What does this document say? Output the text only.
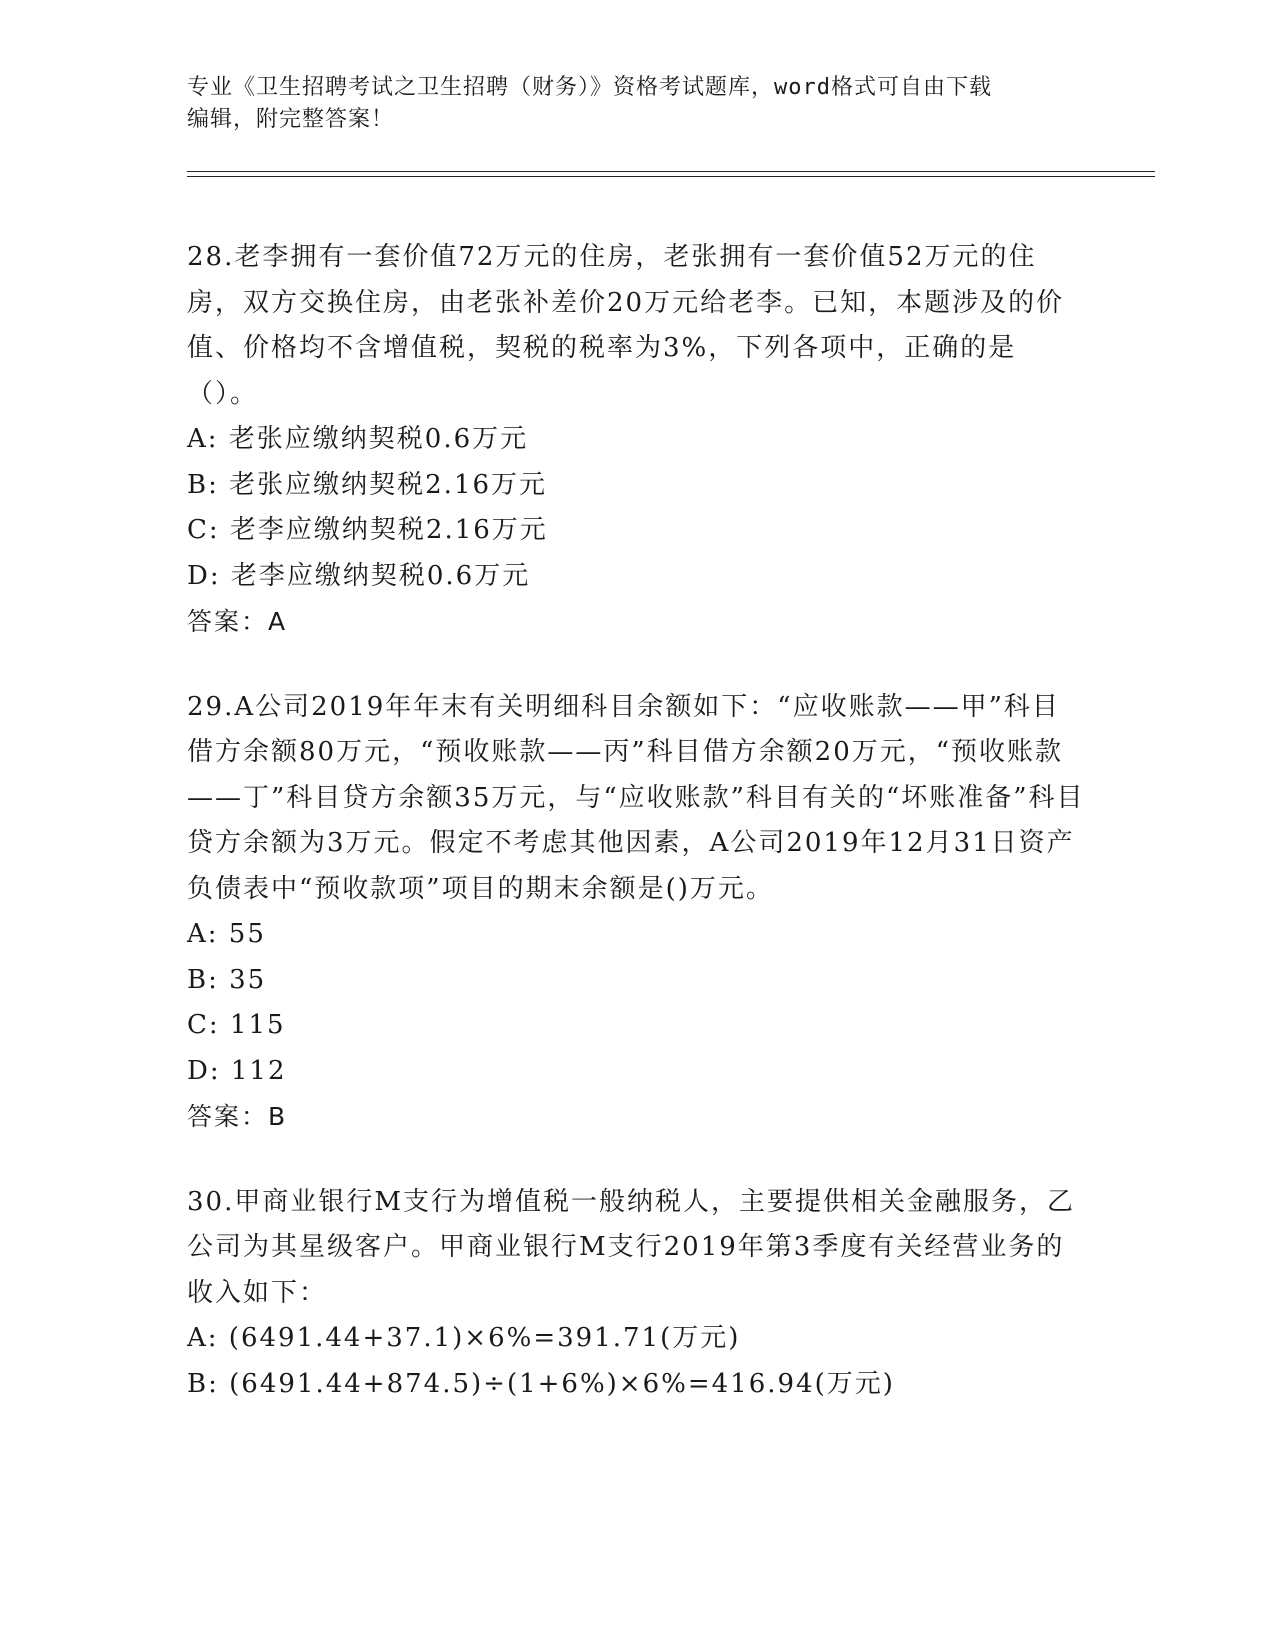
专业《卫生招聘考试之卫生招聘（财务）》资格考试题库，word格式可自由下载
编辑，附完整答案！
28.老李拥有一套价值72万元的住房，老张拥有一套价值52万元的住房，双方交换住房，由老张补差价20万元给老李。已知，本题涉及的价值、价格均不含增值税，契税的税率为3%，下列各项中，正确的是（）。
A: 老张应缴纳契税0.6万元
B: 老张应缴纳契税2.16万元
C: 老李应缴纳契税2.16万元
D: 老李应缴纳契税0.6万元
答案：A
29.A公司2019年年末有关明细科目余额如下：“应收账款——甲”科目借方余额80万元，“预收账款——丙”科目借方余额20万元，“预收账款——丁”科目贷方余额35万元，与“应收账款”科目有关的“坏账准备”科目贷方余额为3万元。假定不考虑其他因素，A公司2019年12月31日资产负债表中“预收款项”项目的期末余额是()万元。
A: 55
B: 35
C: 115
D: 112
答案：B
30.甲商业银行M支行为增值税一般纳税人，主要提供相关金融服务，乙公司为其星级客户。甲商业银行M支行2019年第3季度有关经营业务的收入如下：
A: (6491.44+37.1)×6%=391.71(万元)
B: (6491.44+874.5)÷(1+6%)×6%=416.94(万元)
